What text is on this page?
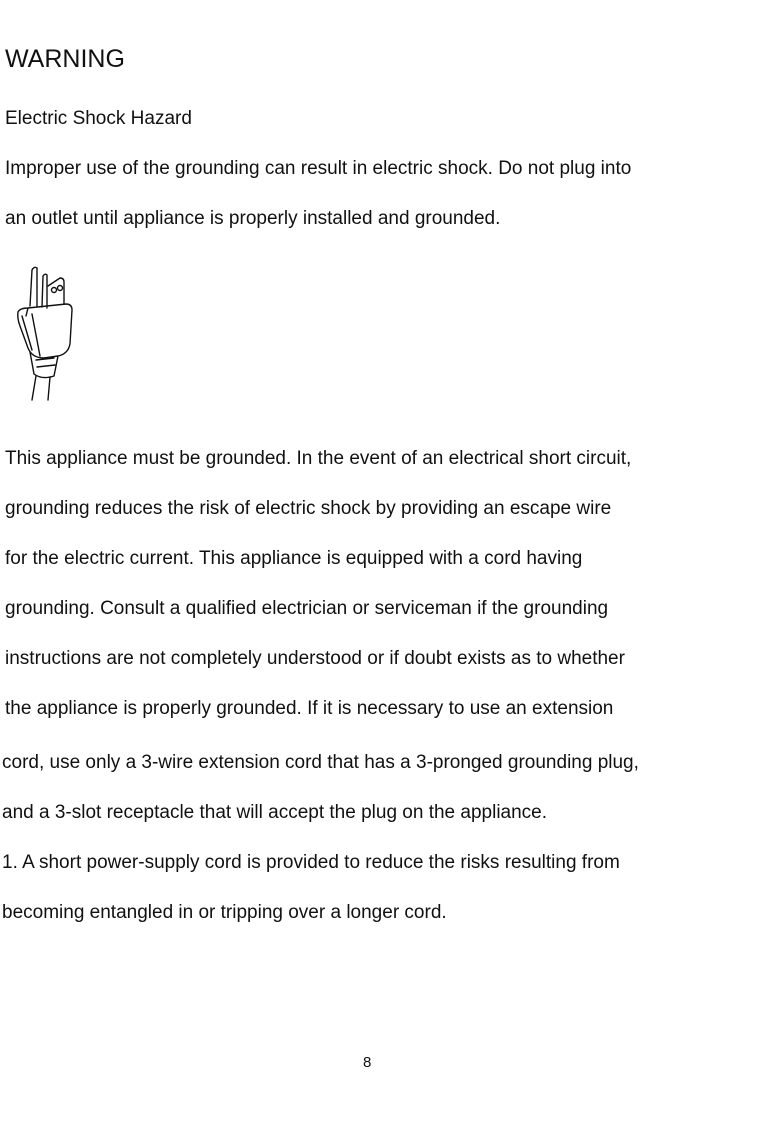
WARNING

Electric Shock Hazard

Improper use of the grounding can result in electric shock. Do not plug into

an outlet until appliance is properly installed and grounded.

This appliance must be grounded. In the event of an electrical short circuit,

grounding reduces the risk of electric shock by providing an escape wire

for the electric current. This appliance is equipped with a cord having

grounding. Consult a qualified electrician or serviceman if the grounding

instructions are not completely understood or if doubt exists as to whether

the appliance is properly grounded. If it is necessary to use an extension

cord, use only a 3-wire extension cord that has a 3-pronged grounding plug,

and a 3-slot receptacle that will accept the plug on the appliance.

1. A short power-supply cord is provided to reduce the risks resulting from

becoming entangled in or tripping over a longer cord.

8
